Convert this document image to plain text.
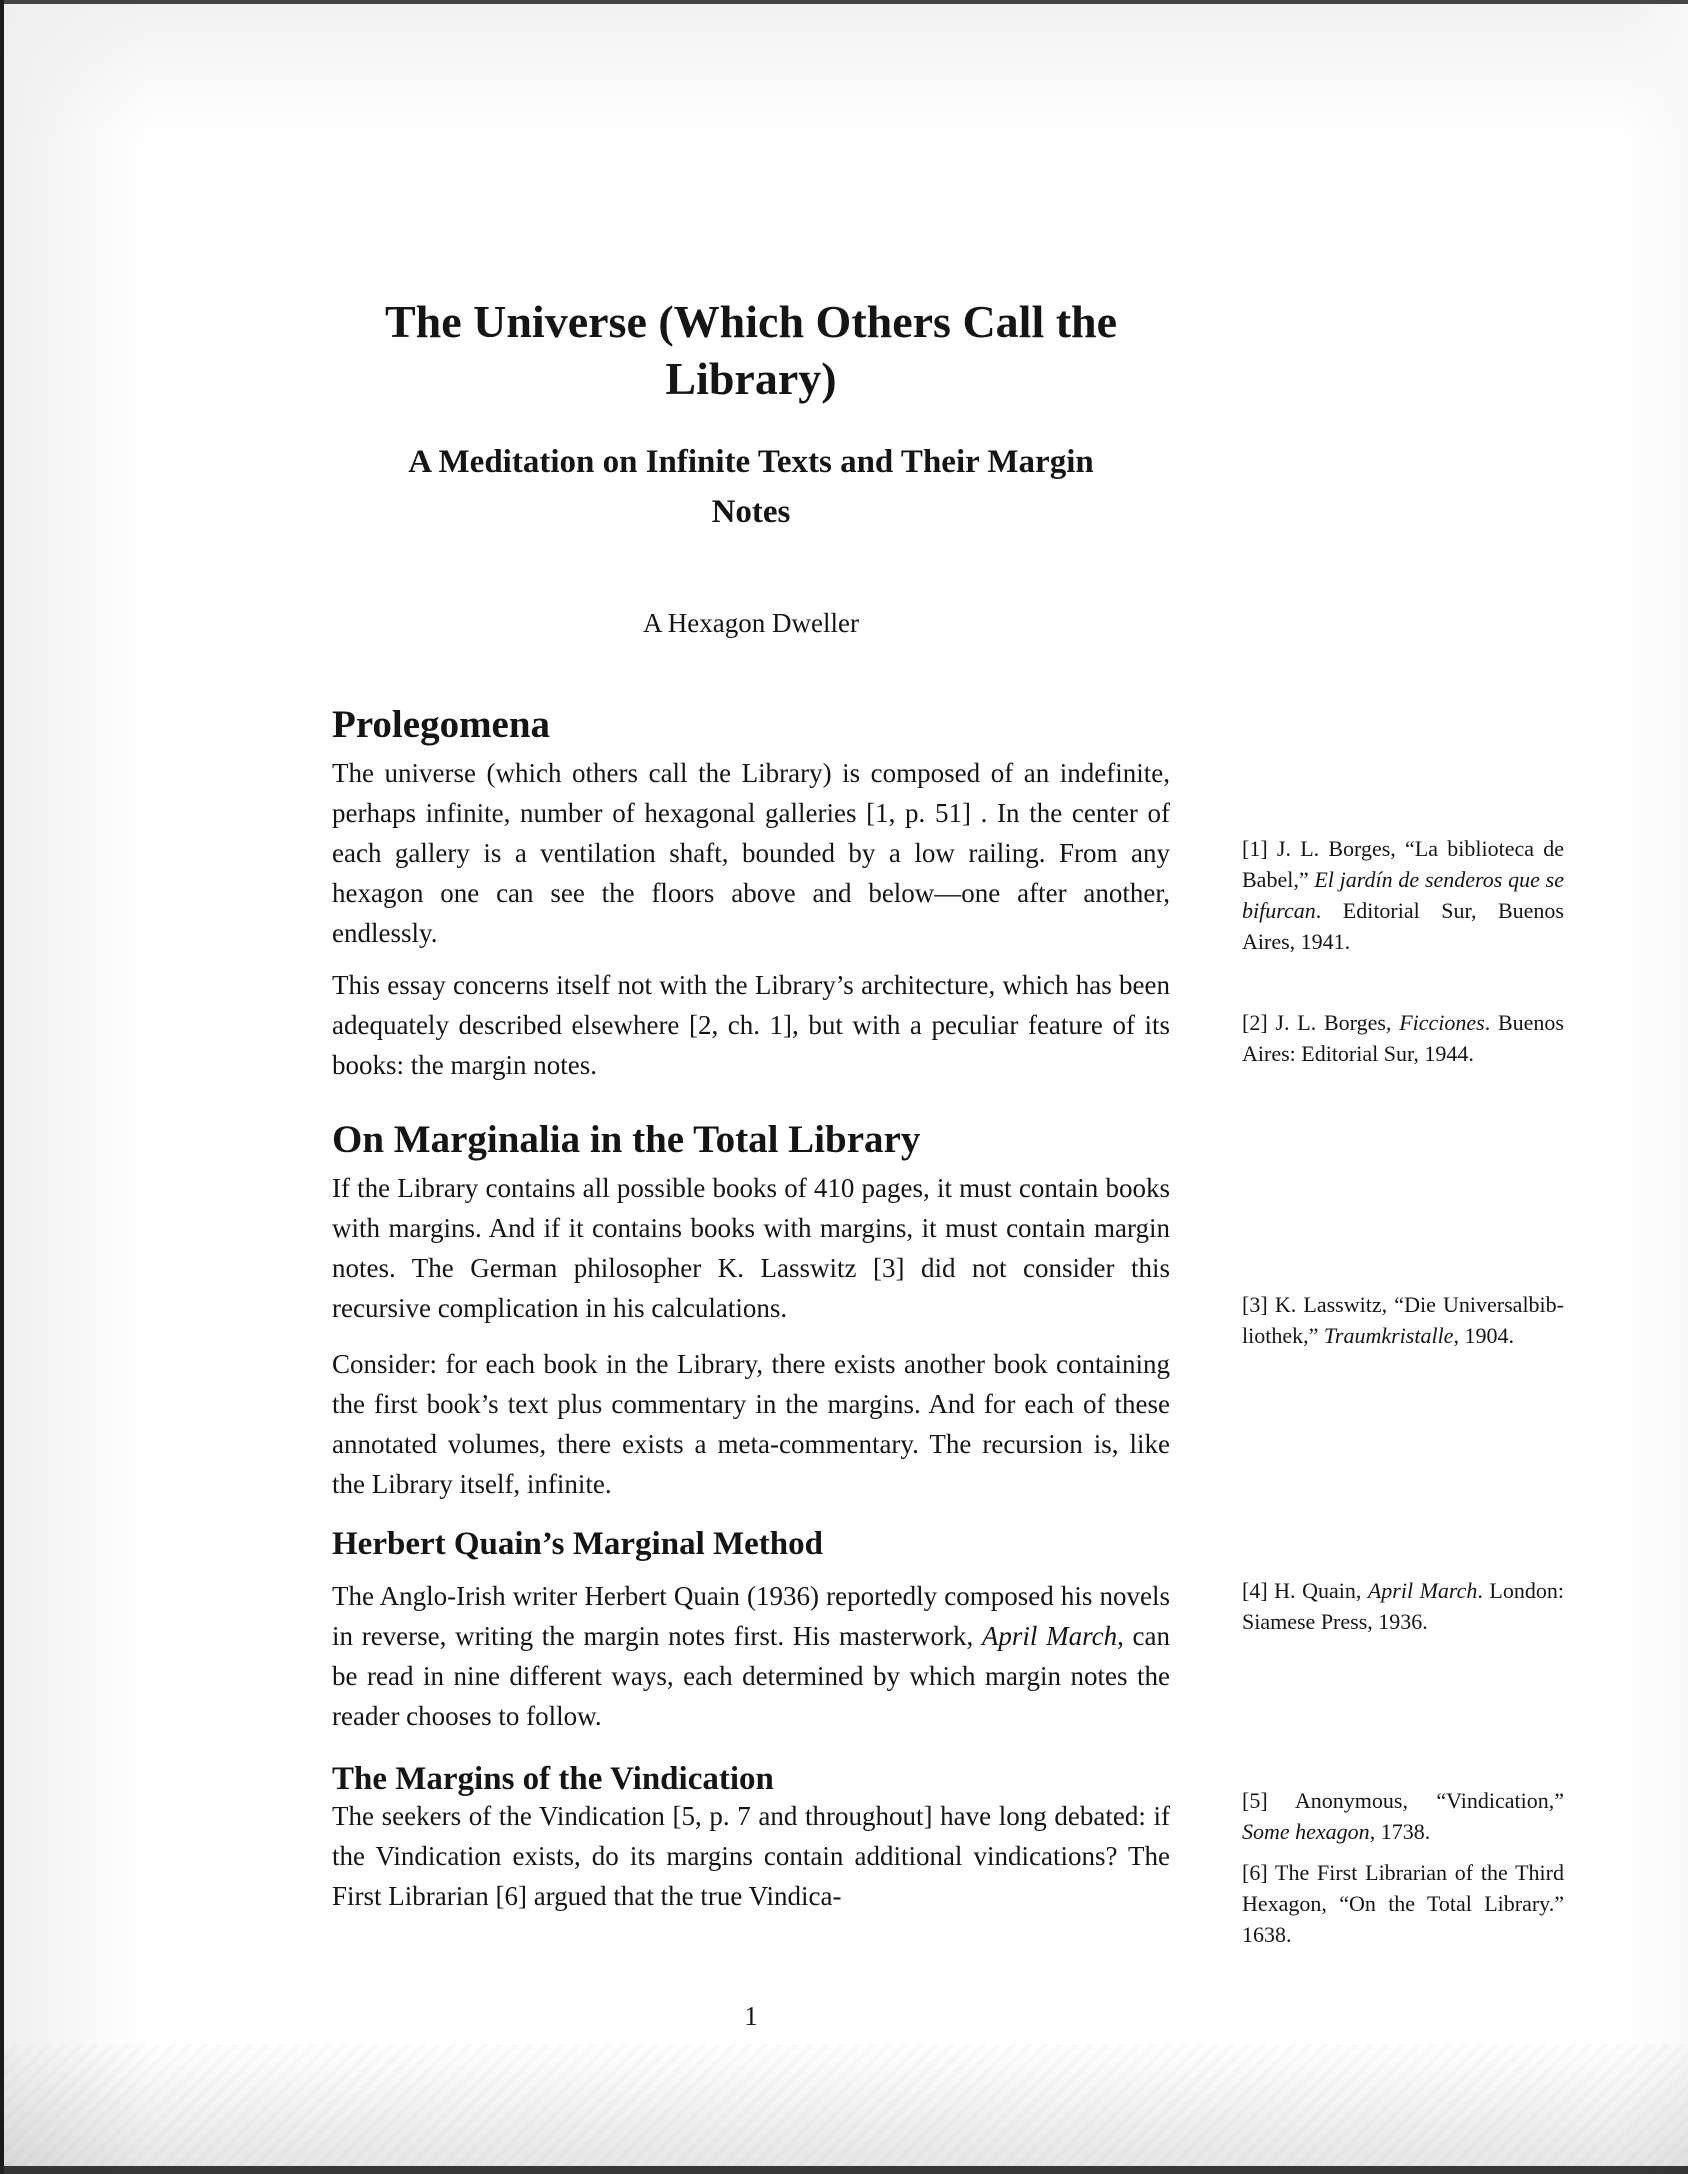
The Universe (Which Others Call the Library)
A Meditation on Infinite Texts and Their Margin Notes
A Hexagon Dweller
Prolegomena

The universe (which others call the Library) is composed of an indefinite, perhaps infinite, number of hexagonal galleries [1, p. 51] . In the center of each gallery is a ventilation shaft, bounded by a low railing. From any hexagon one can see the floors above and below—one after another, endlessly.

This essay concerns itself not with the Library’s architecture, which has been adequately described elsewhere [2, ch. 1], but with a peculiar feature of its books: the margin notes.

On Marginalia in the Total Library

If the Library contains all possible books of 410 pages, it must contain books with margins. And if it contains books with margins, it must contain margin notes. The German philosopher K. Lasswitz [3] did not consider this recursive complication in his calculations.

Consider: for each book in the Library, there exists another book containing the first book’s text plus commentary in the margins. And for each of these annotated volumes, there exists a meta-commentary. The recursion is, like the Library itself, infinite.

Herbert Quain’s Marginal Method

The Anglo-Irish writer Herbert Quain (1936) reportedly composed his novels in reverse, writing the margin notes first. His masterwork, April March, can be read in nine different ways, each determined by which margin notes the reader chooses to follow.

The Margins of the Vindication

The seekers of the Vindication [5, p. 7 and throughout] have long debated: if the Vindication exists, do its margins contain additional vindications? The First Librarian [6] argued that the true Vindica-

[1] J. L. Borges, “La biblioteca de Babel,” El jardín de senderos que se bifurcan. Editorial Sur, Buenos Aires, 1941.
[2] J. L. Borges, Ficciones. Buenos Aires: Editorial Sur, 1944.
[3] K. Lasswitz, “Die Universalbibliothek,” Traumkristalle, 1904.
[4] H. Quain, April March. London: Siamese Press, 1936.
[5] Anonymous, “Vindication,” Some hexagon, 1738.
[6] The First Librarian of the Third Hexagon, “On the Total Library.” 1638.
1
